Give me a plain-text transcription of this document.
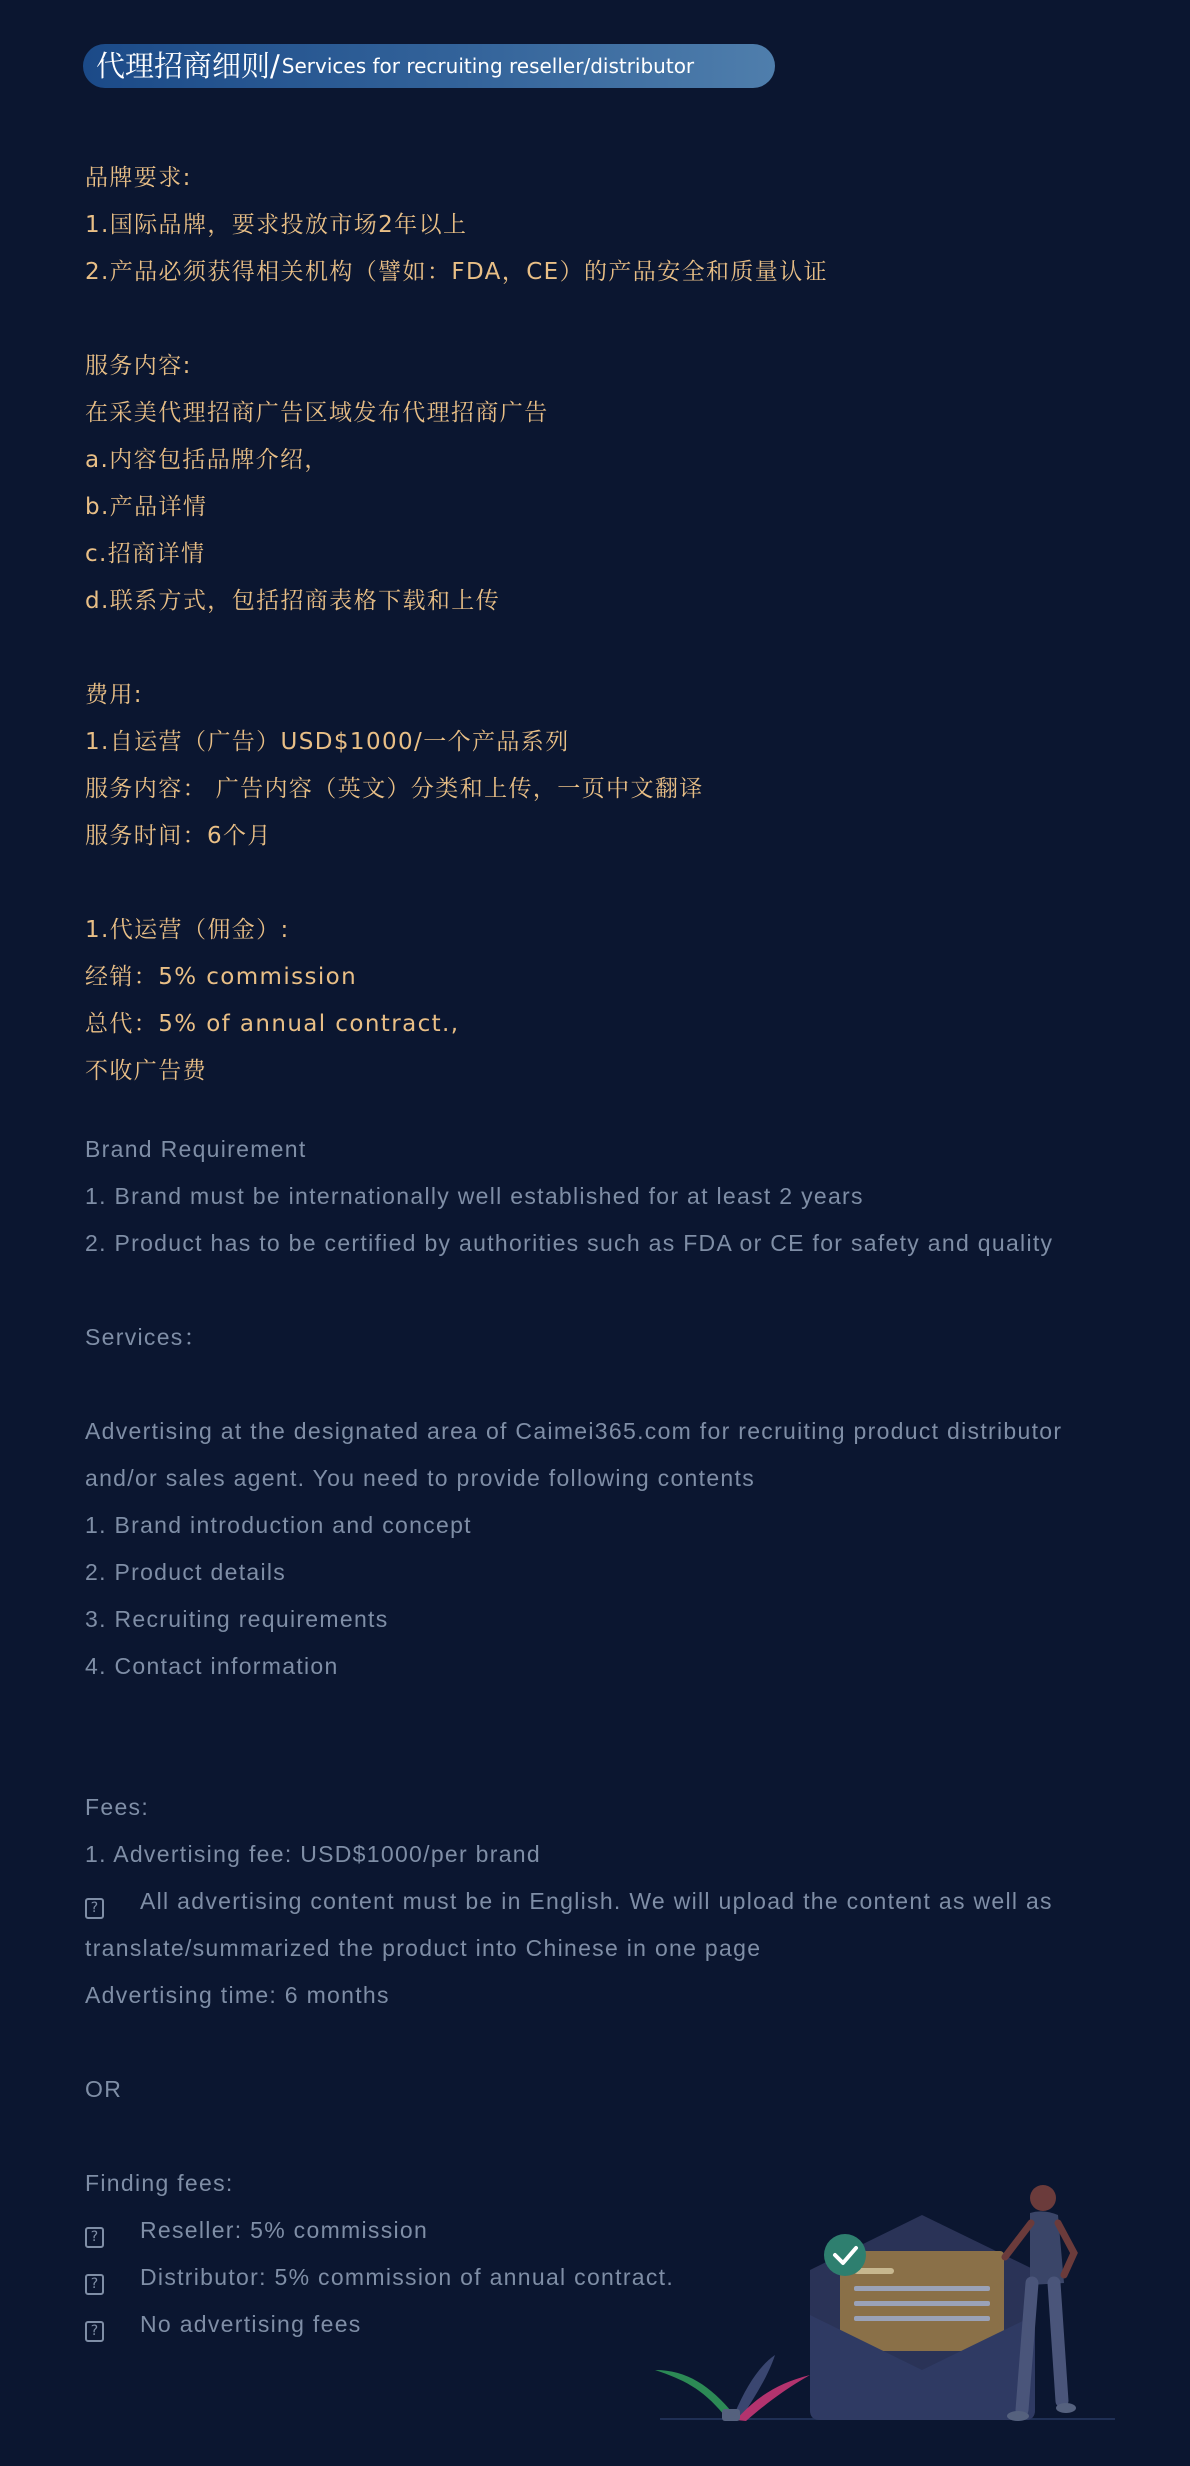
代理招商细则/ Services for recruiting reseller/distributor
品牌要求:
1.国际品牌，要求投放市场2年以上
2.产品必须获得相关机构（譬如：FDA，CE）的产品安全和质量认证
服务内容:
在采美代理招商广告区域发布代理招商广告
a.内容包括品牌介绍，
b.产品详情
c.招商详情
d.联系方式，包括招商表格下载和上传
费用:
1.自运营（广告）USD$1000/一个产品系列
服务内容： 广告内容（英文）分类和上传，一页中文翻译
服务时间：6个月
1.代运营（佣金）:
经销：5% commission
总代：5% of annual contract.,
不收广告费
Brand Requirement
1. Brand must be internationally well established for at least 2 years
2. Product has to be certified by authorities such as FDA or CE for safety and quality
Services：
Advertising at the designated area of Caimei365.com for recruiting product distributor and/or sales agent. You need to provide following contents
1. Brand introduction and concept
2. Product details
3. Recruiting requirements
4. Contact information
Fees:
1. Advertising fee: USD$1000/per brand
? All advertising content must be in English. We will upload the content as well as translate/summarized the product into Chinese in one page
Advertising time: 6 months
OR
Finding fees:
? Reseller: 5% commission
? Distributor: 5% commission of annual contract.
? No advertising fees
